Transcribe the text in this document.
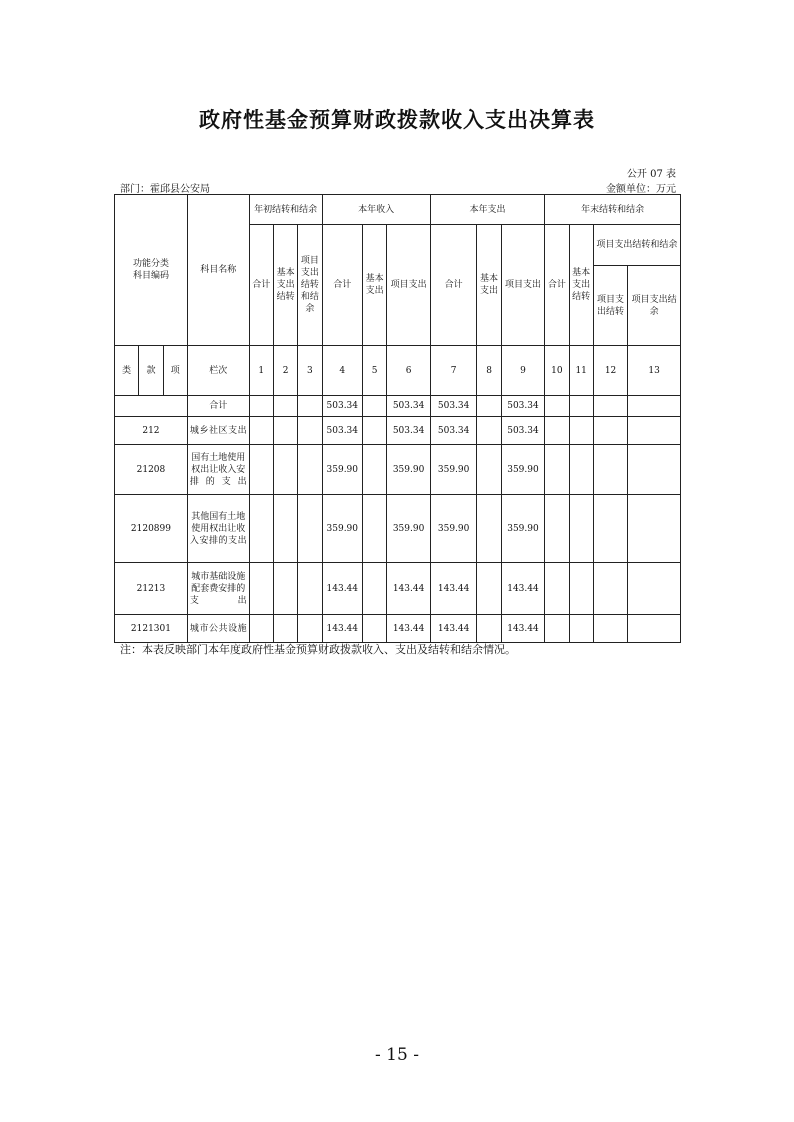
政府性基金预算财政拨款收入支出决算表
公开 07 表
部门：霍邱县公安局	金额单位：万元
功能分类
科目编码			科目名称	年初结转和结余			本年收入			本年支出			年末结转和结余			
				合计	基本支出结转	项目支出结转和结余	合计	基本支出	项目支出	合计	基本支出	项目支出	合计	基本支出结转	项目支出结转和结余	
															项目支出结转	项目支出结余
类	款	项	栏次	1	2	3	4	5	6	7	8	9	10	11	12	13
			合计				503.34		503.34	503.34		503.34				
212			城乡社区支出				503.34		503.34	503.34		503.34				
21208			国有土地使用权出让收入安排的支出				359.90		359.90	359.90		359.90				
2120899			其他国有土地使用权出让收入安排的支出				359.90		359.90	359.90		359.90				
21213			城市基础设施配套费安排的支出				143.44		143.44	143.44		143.44				
2121301			城市公共设施				143.44		143.44	143.44		143.44				
注：本表反映部门本年度政府性基金预算财政拨款收入、支出及结转和结余情况。
- 15 -
